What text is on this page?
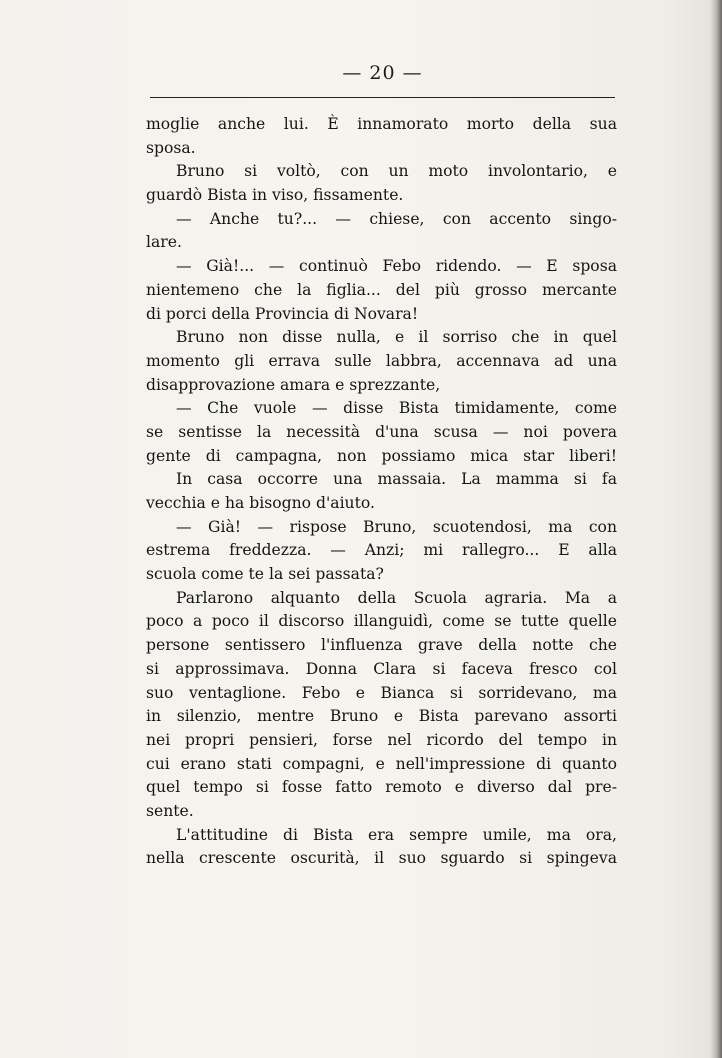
— 20 —
moglie anche lui. È innamorato morto della sua
sposa.
Bruno si voltò, con un moto involontario, e
guardò Bista in viso, fissamente.
— Anche tu?... — chiese, con accento singo-
lare.
— Già!... — continuò Febo ridendo. — E sposa
nientemeno che la figlia... del più grosso mercante
di porci della Provincia di Novara!
Bruno non disse nulla, e il sorriso che in quel
momento gli errava sulle labbra, accennava ad una
disapprovazione amara e sprezzante,
— Che vuole — disse Bista timidamente, come
se sentisse la necessità d'una scusa — noi povera
gente di campagna, non possiamo mica star liberi!
In casa occorre una massaia. La mamma si fa
vecchia e ha bisogno d'aiuto.
— Già! — rispose Bruno, scuotendosi, ma con
estrema freddezza. — Anzi; mi rallegro... E alla
scuola come te la sei passata?
Parlarono alquanto della Scuola agraria. Ma a
poco a poco il discorso illanguidì, come se tutte quelle
persone sentissero l'influenza grave della notte che
si approssimava. Donna Clara si faceva fresco col
suo ventaglione. Febo e Bianca si sorridevano, ma
in silenzio, mentre Bruno e Bista parevano assorti
nei propri pensieri, forse nel ricordo del tempo in
cui erano stati compagni, e nell'impressione di quanto
quel tempo si fosse fatto remoto e diverso dal pre-
sente.
L'attitudine di Bista era sempre umile, ma ora,
nella crescente oscurità, il suo sguardo si spingeva
